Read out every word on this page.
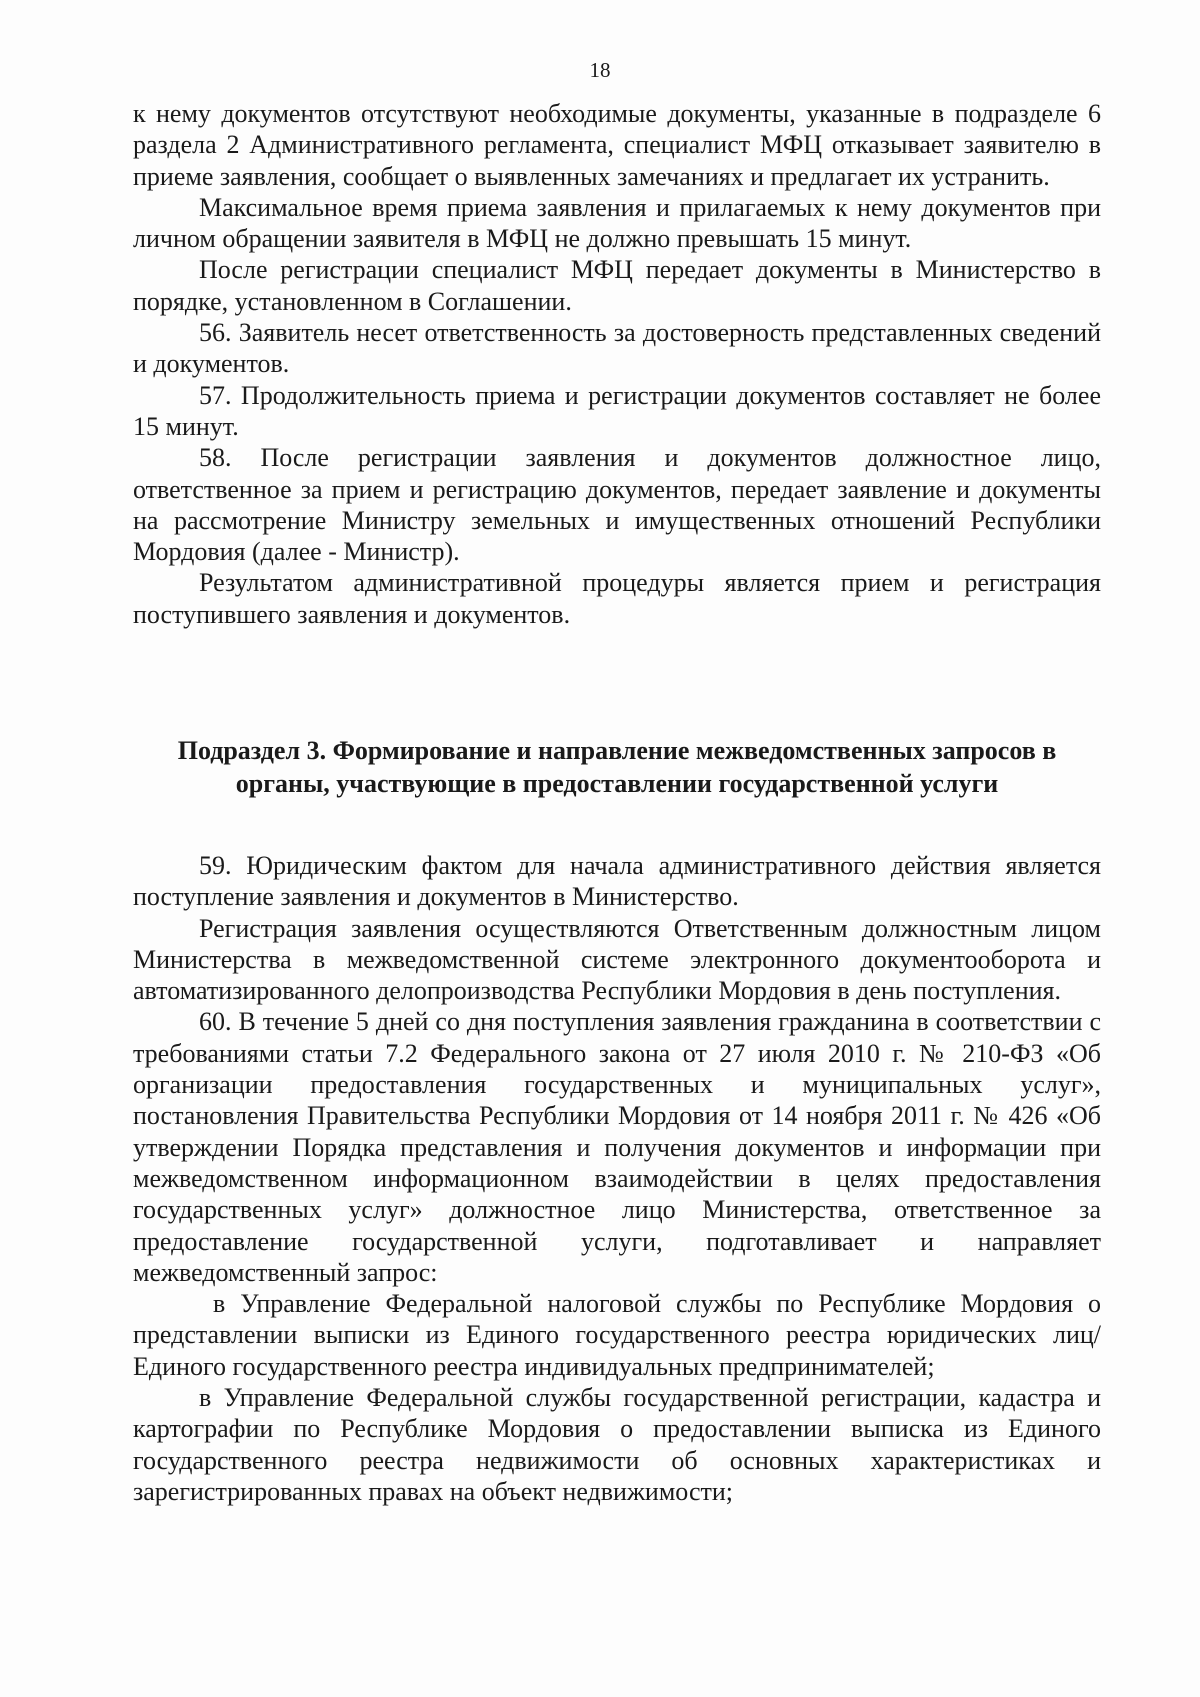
18

к нему документов отсутствуют необходимые документы, указанные в подразделе 6 раздела 2 Административного регламента, специалист МФЦ отказывает заявителю в приеме заявления, сообщает о выявленных замечаниях и предлагает их устранить.

Максимальное время приема заявления и прилагаемых к нему документов при личном обращении заявителя в МФЦ не должно превышать 15 минут.

После регистрации специалист МФЦ передает документы в Министерство в порядке, установленном в Соглашении.

56. Заявитель несет ответственность за достоверность представленных сведений и документов.

57. Продолжительность приема и регистрации документов составляет не более 15 минут.

58. После регистрации заявления и документов должностное лицо, ответственное за прием и регистрацию документов, передает заявление и документы на рассмотрение Министру земельных и имущественных отношений Республики Мордовия (далее - Министр).

Результатом административной процедуры является прием и регистрация поступившего заявления и документов.

Подраздел 3. Формирование и направление межведомственных запросов в органы, участвующие в предоставлении государственной услуги

59. Юридическим фактом для начала административного действия является поступление заявления и документов в Министерство.

Регистрация заявления осуществляются Ответственным должностным лицом Министерства в межведомственной системе электронного документооборота и автоматизированного делопроизводства Республики Мордовия в день поступления.

60. В течение 5 дней со дня поступления заявления гражданина в соответствии с требованиями статьи 7.2 Федерального закона от 27 июля 2010 г. № 210-ФЗ «Об организации предоставления государственных и муниципальных услуг», постановления Правительства Республики Мордовия от 14 ноября 2011 г. № 426 «Об утверждении Порядка представления и получения документов и информации при межведомственном информационном взаимодействии в целях предоставления государственных услуг» должностное лицо Министерства, ответственное за предоставление государственной услуги, подготавливает и направляет межведомственный запрос:

в Управление Федеральной налоговой службы по Республике Мордовия о представлении выписки из Единого государственного реестра юридических лиц/Единого государственного реестра индивидуальных предпринимателей;

в Управление Федеральной службы государственной регистрации, кадастра и картографии по Республике Мордовия о предоставлении выписка из Единого государственного реестра недвижимости об основных характеристиках и зарегистрированных правах на объект недвижимости;
